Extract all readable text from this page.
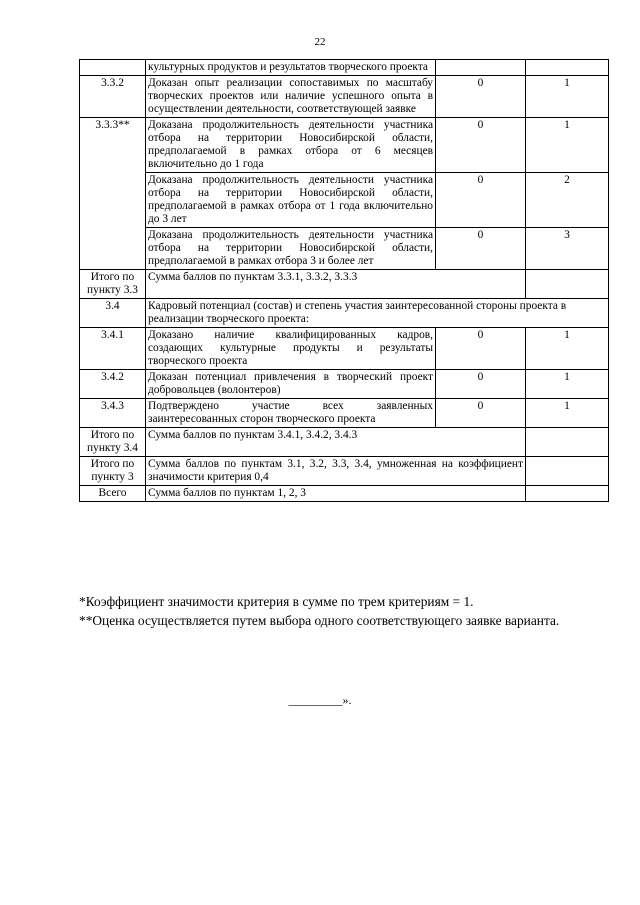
22
	культурных продуктов и результатов творческого проекта		
3.3.2	Доказан опыт реализации сопоставимых по масштабу творческих проектов или наличие успешного опыта в осуществлении деятельности, соответствующей заявке	0	1
3.3.3**	Доказана продолжительность деятельности участника отбора на территории Новосибирской области, предполагаемой в рамках отбора от 6 месяцев включительно до 1 года	0	1
	Доказана продолжительность деятельности участника отбора на территории Новосибирской области, предполагаемой в рамках отбора от 1 года включительно до 3 лет	0	2
	Доказана продолжительность деятельности участника отбора на территории Новосибирской области, предполагаемой в рамках отбора 3 и более лет	0	3
Итого по пункту 3.3	Сумма баллов по пунктам 3.3.1, 3.3.2, 3.3.3		
3.4	Кадровый потенциал (состав) и степень участия заинтересованной стороны проекта в реализации творческого проекта:		
3.4.1	Доказано наличие квалифицированных кадров, создающих культурные продукты и результаты творческого проекта	0	1
3.4.2	Доказан потенциал привлечения в творческий проект добровольцев (волонтеров)	0	1
3.4.3	Подтверждено участие всех заявленных заинтересованных сторон творческого проекта	0	1
Итого по пункту 3.4	Сумма баллов по пунктам 3.4.1, 3.4.2, 3.4.3		
Итого по пункту 3	Сумма баллов по пунктам 3.1, 3.2, 3.3, 3.4, умноженная на коэффициент значимости критерия 0,4		
Всего	Сумма баллов по пунктам 1, 2, 3		

*Коэффициент значимости критерия в сумме по трем критериям = 1.

**Оценка осуществляется путем выбора одного соответствующего заявке варианта.

_________».
